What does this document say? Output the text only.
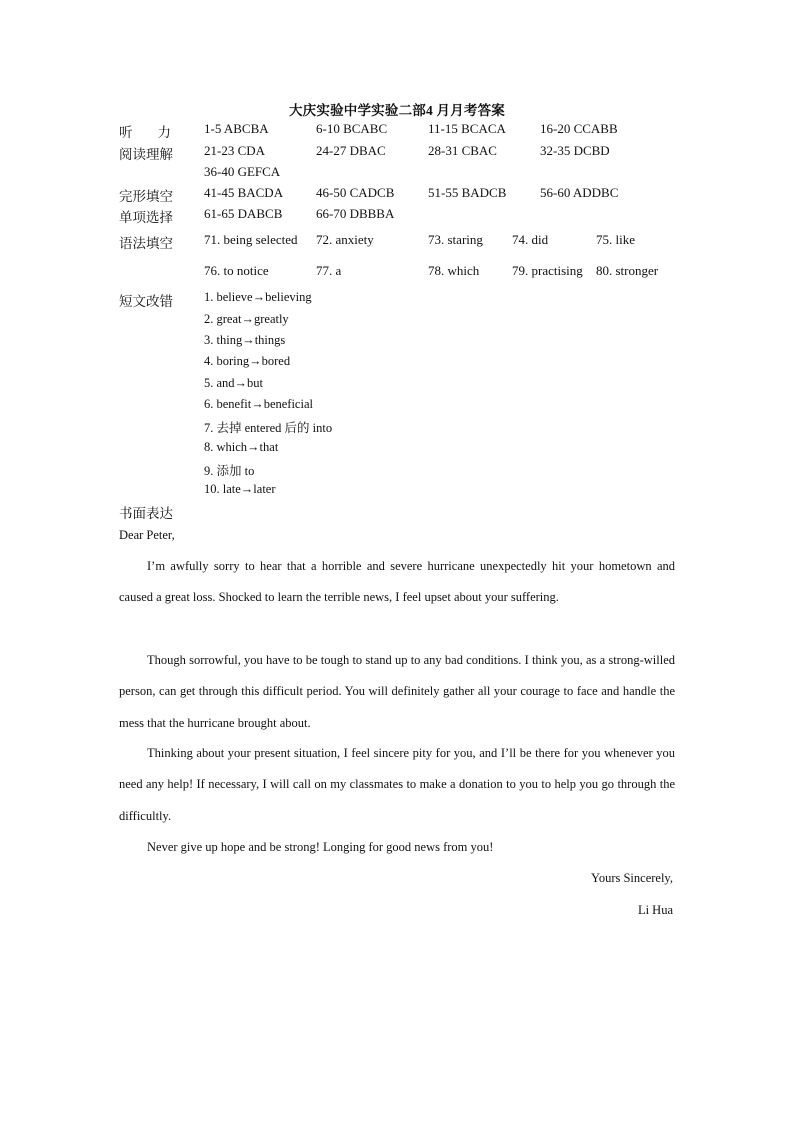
大庆实验中学实验二部4 月月考答案
听力 1-5 ABCBA	6-10 BCABC	11-15 BCACA	16-20 CCABB
阅读理解 21-23 CDA	24-27 DBAC	28-31 CBAC	32-35 DCBD
36-40 GEFCA
完形填空 41-45 BACDA	46-50 CADCB	51-55 BADCB	56-60 ADDBC
单项选择 61-65 DABCB	66-70 DBBBA
语法填空 71. being selected 72. anxiety	73. staring 74. did	75. like
76. to notice	77. a	78. which	79. practising 80. stronger
短文改错 1. believe→believing
2. great→greatly
3. thing→things
4. boring→bored
5. and→but
6. benefit→beneficial
7. 去掉 entered 后的 into
8. which→that
9. 添加 to
10. late→later
书面表达
Dear Peter,
I’m awfully sorry to hear that a horrible and severe hurricane unexpectedly hit your hometown and caused a great loss. Shocked to learn the terrible news, I feel upset about your suffering.
Though sorrowful, you have to be tough to stand up to any bad conditions. I think you, as a strong-willed person, can get through this difficult period. You will definitely gather all your courage to face and handle the mess that the hurricane brought about.
Thinking about your present situation, I feel sincere pity for you, and I’ll be there for you whenever you need any help! If necessary, I will call on my classmates to make a donation to you to help you go through the difficultly.
Never give up hope and be strong! Longing for good news from you!
Yours Sincerely,
Li Hua
